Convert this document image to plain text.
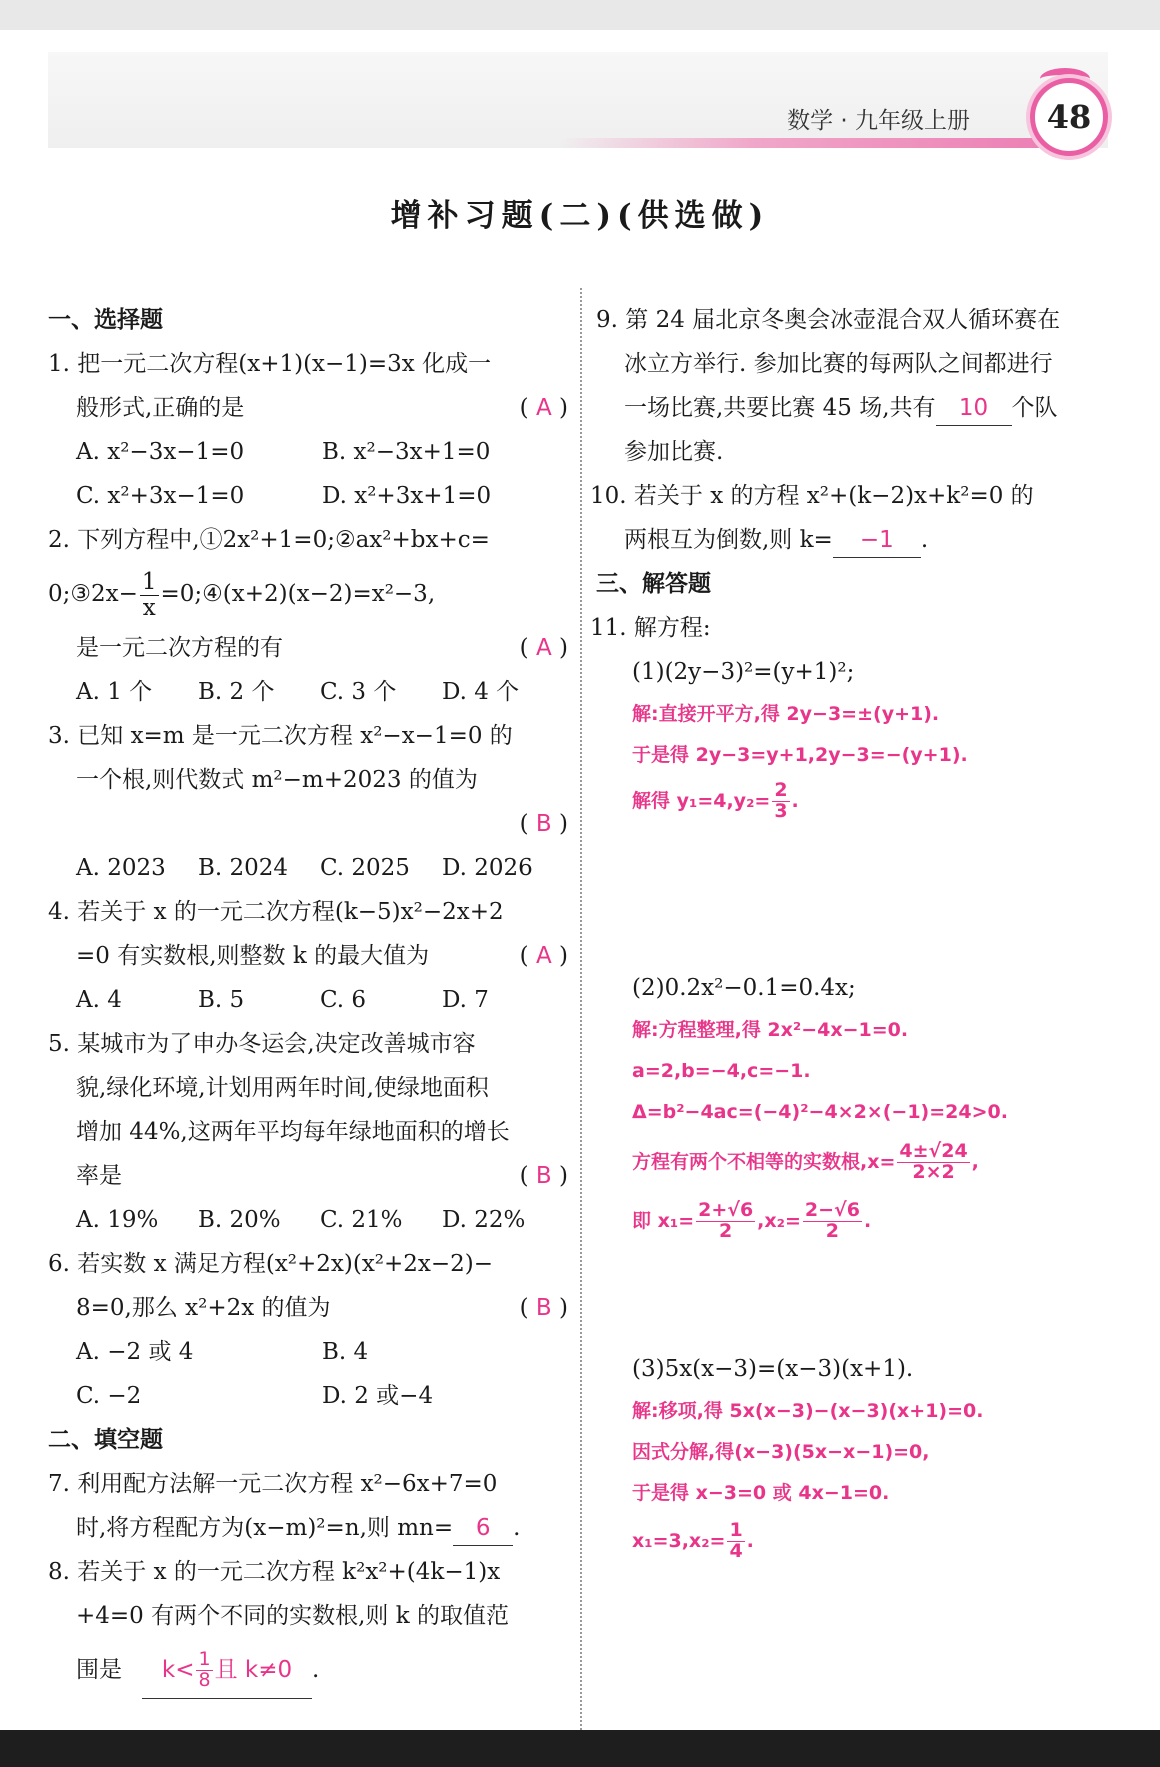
数学 · 九年级上册 48
增补习题(二)(供选做)
一、选择题
1. 把一元二次方程(x+1)(x−1)=3x 化成一
般形式,正确的是	( A )
A. x²−3x−1=0	B. x²−3x+1=0
C. x²+3x−1=0	D. x²+3x+1=0
2. 下列方程中,①2x²+1=0;②ax²+bx+c=
0;③2x− $\frac{1}{x}$ =0;④(x+2)(x−2)=x²−3,
是一元二次方程的有	( A )
A. 1 个	B. 2 个	C. 3 个	D. 4 个
3. 已知 x=m 是一元二次方程 x²−x−1=0 的
一个根,则代数式 m²−m+2023 的值为
( B )
A. 2023	B. 2024	C. 2025	D. 2026
4. 若关于 x 的一元二次方程(k−5)x²−2x+2
=0 有实数根,则整数 k 的最大值为	( A )
A. 4	B. 5	C. 6	D. 7
5. 某城市为了申办冬运会,决定改善城市容
貌,绿化环境,计划用两年时间,使绿地面积
增加 44%,这两年平均每年绿地面积的增长
率是	( B )
A. 19%	B. 20%	C. 21%	D. 22%
6. 若实数 x 满足方程(x²+2x)(x²+2x−2)−
8=0,那么 x²+2x 的值为	( B )
A. −2 或 4	B. 4
C. −2	D. 2 或−4
二、填空题
7. 利用配方法解一元二次方程 x²−6x+7=0
时,将方程配方为(x−m)²=n,则 mn= 6 .
8. 若关于 x 的一元二次方程 k²x²+(4k−1)x
+4=0 有两个不同的实数根,则 k 的取值范
围是 $k< \frac{1}{8}$ 且 k≠0 .
9. 第 24 届北京冬奥会冰壶混合双人循环赛在
冰立方举行. 参加比赛的每两队之间都进行
一场比赛,共要比赛 45 场,共有 10 个队
参加比赛.
10. 若关于 x 的方程 x²+(k−2)x+k²=0 的
两根互为倒数,则 k= −1 .
三、解答题
11. 解方程:
(1)(2y−3)²=(y+1)²;
解:直接开平方,得 2y−3=±(y+1).
于是得 2y−3=y+1,2y−3=−(y+1).
解得 $y_1=4,y_2= \frac{2}{3}$ .
(2)0.2x²−0.1=0.4x;
解:方程整理,得 2x²−4x−1=0.
a=2,b=−4,c=−1.
Δ=b²−4ac=(−4)²−4×2×(−1)=24>0.
方程有两个不相等的实数根$,x= \frac{4\pm√24}{2\times 2}$ ,
即 $x_1= \frac{2+√6}{2} ,x_2= \frac{2-√6}{2}$ .
(3)5x(x−3)=(x−3)(x+1).
解:移项,得 5x(x−3)−(x−3)(x+1)=0.
因式分解,得(x−3)(5x−x−1)=0,
于是得 x−3=0 或 4x−1=0.
$x_1=3,x_2= \frac{1}{4}$ .
